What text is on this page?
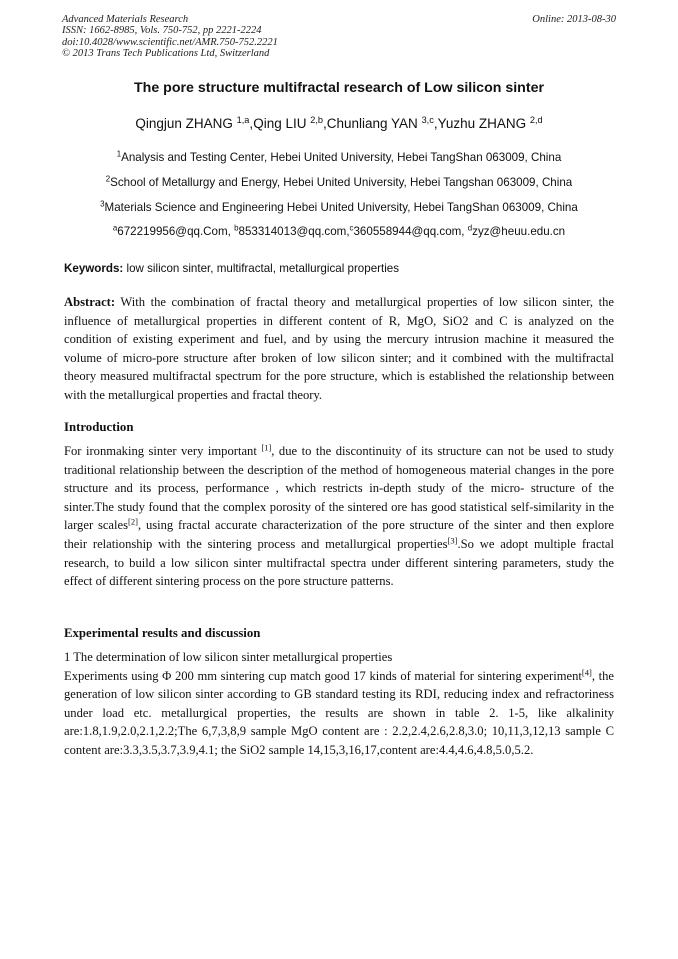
Advanced Materials Research
ISSN: 1662-8985, Vols. 750-752, pp 2221-2224
doi:10.4028/www.scientific.net/AMR.750-752.2221
© 2013 Trans Tech Publications Ltd, Switzerland
Online: 2013-08-30
The pore structure multifractal research of Low silicon sinter
Qingjun ZHANG $^{1,a}$,Qing LIU $^{2,b}$,Chunliang YAN $^{3,c}$,Yuzhu ZHANG $^{2,d}$
$^1$Analysis and Testing Center, Hebei United University, Hebei TangShan 063009, China
$^2$School of Metallurgy and Energy, Hebei United University, Hebei Tangshan 063009, China
$^3$Materials Science and Engineering Hebei United University, Hebei TangShan 063009, China
$^a$672219956@qq.Com, $^b$853314013@qq.com,$^c$360558944@qq.com, $^d$zyz@heuu.edu.cn
Keywords: low silicon sinter, multifractal, metallurgical properties
Abstract: With the combination of fractal theory and metallurgical properties of low silicon sinter, the influence of metallurgical properties in different content of R, MgO, SiO2 and C is analyzed on the condition of existing experiment and fuel, and by using the mercury intrusion machine it measured the volume of micro-pore structure after broken of low silicon sinter; and it combined with the multifractal theory measured multifractal spectrum for the pore structure, which is established the relationship between with the metallurgical properties and fractal theory.
Introduction
For ironmaking sinter very important [1], due to the discontinuity of its structure can not be used to study traditional relationship between the description of the method of homogeneous material changes in the pore structure and its process, performance , which restricts in-depth study of the micro- structure of the sinter.The study found that the complex porosity of the sintered ore has good statistical self-similarity in the larger scales[2], using fractal accurate characterization of the pore structure of the sinter and then explore their relationship with the sintering process and metallurgical properties[3].So we adopt multiple fractal research, to build a low silicon sinter multifractal spectra under different sintering parameters, study the effect of different sintering process on the pore structure patterns.
Experimental results and discussion
1 The determination of low silicon sinter metallurgical properties
Experiments using Φ 200 mm sintering cup match good 17 kinds of material for sintering experiment[4], the generation of low silicon sinter according to GB standard testing its RDI, reducing index and refractoriness under load etc. metallurgical properties, the results are shown in table 2. 1-5, like alkalinity are:1.8,1.9,2.0,2.1,2.2;The 6,7,3,8,9 sample MgO content are : 2.2,2.4,2.6,2.8,3.0; 10,11,3,12,13 sample C content are:3.3,3.5,3.7,3.9,4.1; the SiO2 sample 14,15,3,16,17,content are:4.4,4.6,4.8,5.0,5.2.
